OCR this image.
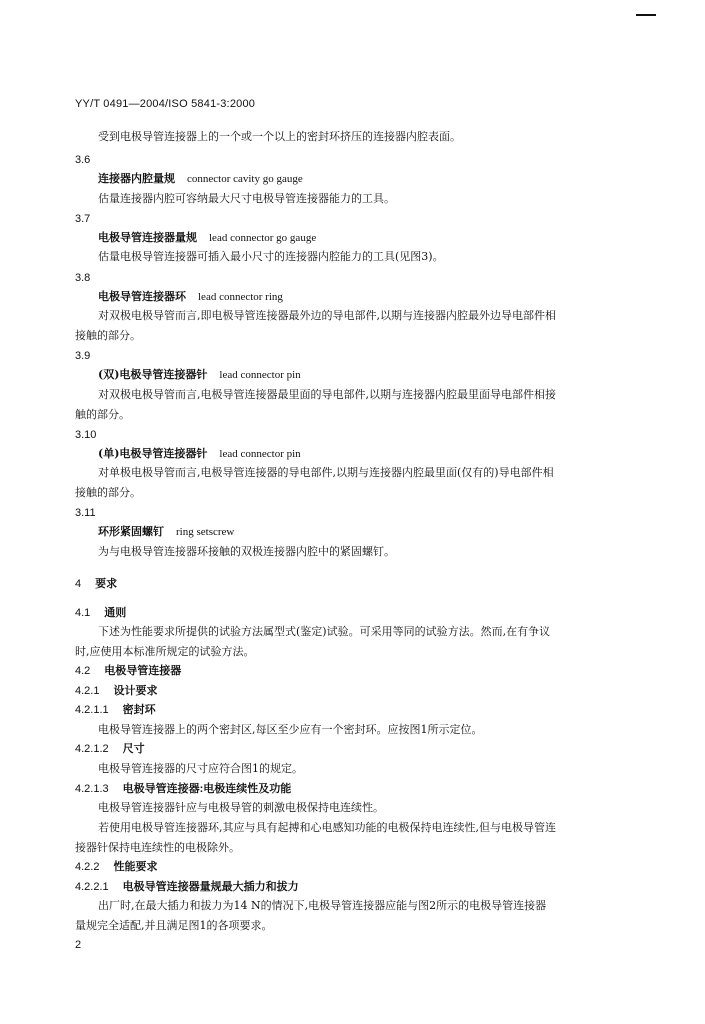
YY/T 0491—2004/ISO 5841-3:2000
受到电极导管连接器上的一个或一个以上的密封环挤压的连接器内腔表面。
3.6
连接器内腔量规 connector cavity go gauge
估量连接器内腔可容纳最大尺寸电极导管连接器能力的工具。
3.7
电极导管连接器量规 lead connector go gauge
估量电极导管连接器可插入最小尺寸的连接器内腔能力的工具(见图3)。
3.8
电极导管连接器环 lead connector ring
对双极电极导管而言,即电极导管连接器最外边的导电部件,以期与连接器内腔最外边导电部件相
接触的部分。
3.9
(双)电极导管连接器针 lead connector pin
对双极电极导管而言,电极导管连接器最里面的导电部件,以期与连接器内腔最里面导电部件相接
触的部分。
3.10
(单)电极导管连接器针 lead connector pin
对单极电极导管而言,电极导管连接器的导电部件,以期与连接器内腔最里面(仅有的)导电部件相
接触的部分。
3.11
环形紧固螺钉 ring setscrew
为与电极导管连接器环接触的双极连接器内腔中的紧固螺钉。
4 要求
4.1 通则
下述为性能要求所提供的试验方法属型式(鉴定)试验。可采用等同的试验方法。然而,在有争议
时,应使用本标准所规定的试验方法。
4.2 电极导管连接器
4.2.1 设计要求
4.2.1.1 密封环
电极导管连接器上的两个密封区,每区至少应有一个密封环。应按图1所示定位。
4.2.1.2 尺寸
电极导管连接器的尺寸应符合图1的规定。
4.2.1.3 电极导管连接器:电极连续性及功能
电极导管连接器针应与电极导管的刺激电极保持电连续性。
若使用电极导管连接器环,其应与具有起搏和心电感知功能的电极保持电连续性,但与电极导管连
接器针保持电连续性的电极除外。
4.2.2 性能要求
4.2.2.1 电极导管连接器量规最大插力和拔力
出厂时,在最大插力和拔力为14 N的情况下,电极导管连接器应能与图2所示的电极导管连接器
量规完全适配,并且满足图1的各项要求。
2
